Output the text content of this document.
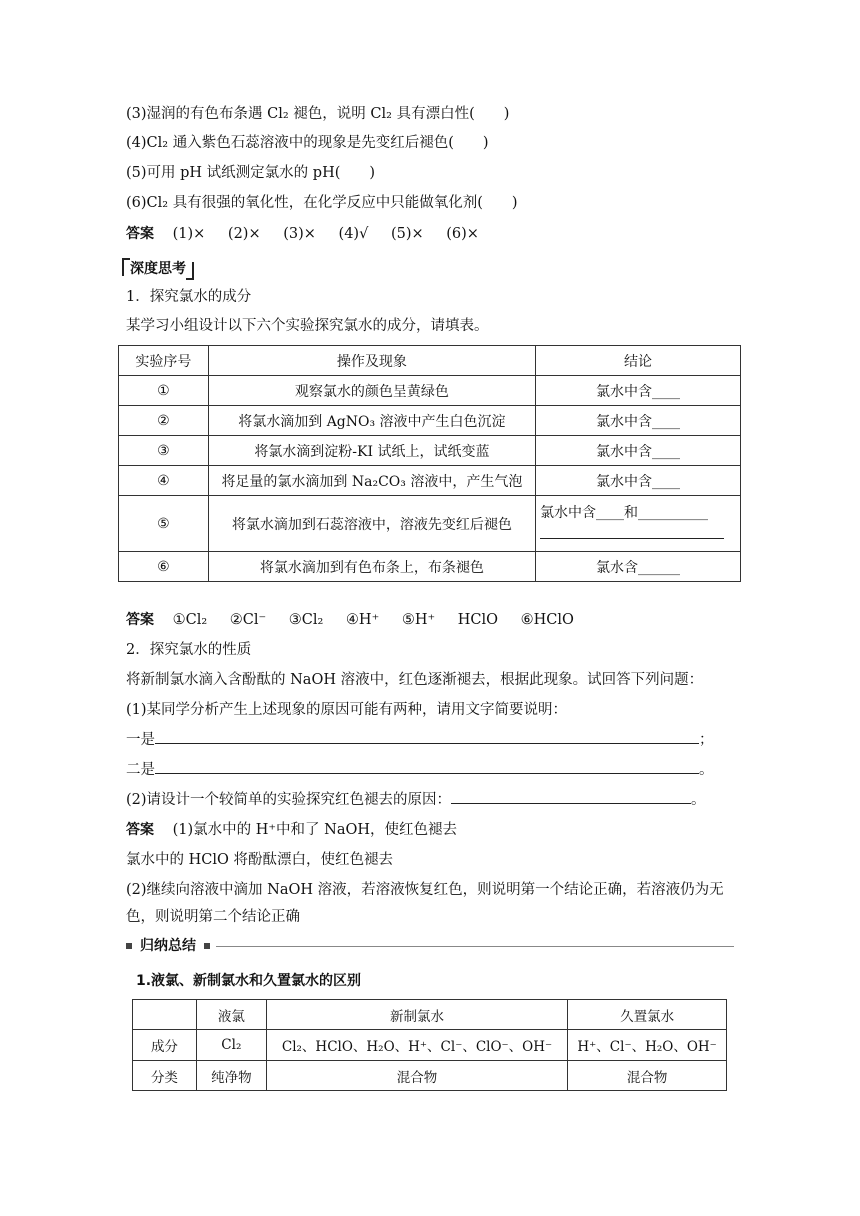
(3)湿润的有色布条遇 Cl₂ 褪色，说明 Cl₂ 具有漂白性(　　)
(4)Cl₂ 通入紫色石蕊溶液中的现象是先变红后褪色(　　)
(5)可用 pH 试纸测定氯水的 pH(　　)
(6)Cl₂ 具有很强的氧化性，在化学反应中只能做氧化剂(　　)
答案 (1)× (2)× (3)× (4)√ (5)× (6)×
深度思考
1．探究氯水的成分
某学习小组设计以下六个实验探究氯水的成分，请填表。
实验序号	操作及现象	结论
①	观察氯水的颜色呈黄绿色	氯水中含____
②	将氯水滴加到 AgNO₃ 溶液中产生白色沉淀	氯水中含____
③	将氯水滴到淀粉-KI 试纸上，试纸变蓝	氯水中含____
④	将足量的氯水滴加到 Na₂CO₃ 溶液中，产生气泡	氯水中含____
⑤	将氯水滴加到石蕊溶液中，溶液先变红后褪色	氯水中含____和__________

⑥	将氯水滴加到有色布条上，布条褪色	氯水含______
答案 ①Cl₂ ②Cl⁻ ③Cl₂ ④H⁺ ⑤H⁺ HClO ⑥HClO
2．探究氯水的性质
将新制氯水滴入含酚酞的 NaOH 溶液中，红色逐渐褪去，根据此现象。试回答下列问题：
(1)某同学分析产生上述现象的原因可能有两种，请用文字简要说明：
一是	；
二是	。
(2)请设计一个较简单的实验探究红色褪去的原因：	。
答案 (1)氯水中的 H⁺中和了 NaOH，使红色褪去
氯水中的 HClO 将酚酞漂白，使红色褪去
(2)继续向溶液中滴加 NaOH 溶液，若溶液恢复红色，则说明第一个结论正确，若溶液仍为无
色，则说明第二个结论正确
归纳总结
1.液氯、新制氯水和久置氯水的区别
	液氯	新制氯水	久置氯水
成分	Cl₂	Cl₂、HClO、H₂O、H⁺、Cl⁻、ClO⁻、OH⁻	H⁺、Cl⁻、H₂O、OH⁻
分类	纯净物	混合物	混合物
